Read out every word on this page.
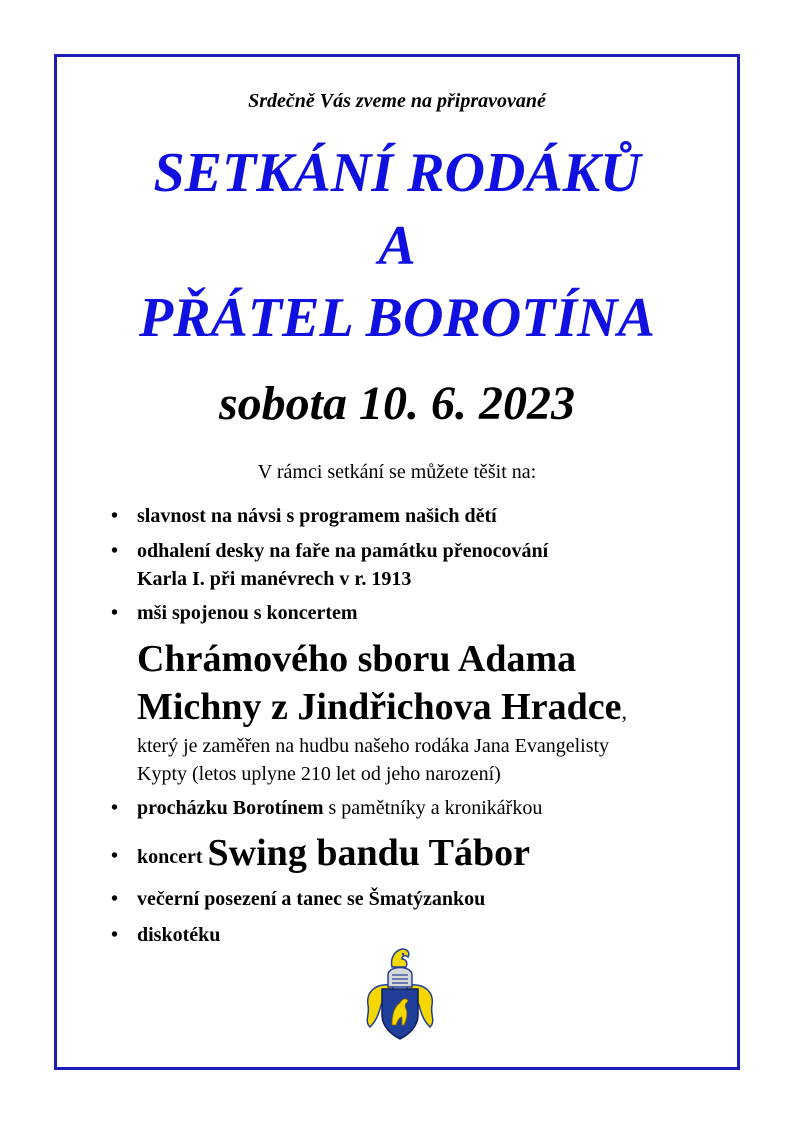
Srdečně Vás zveme na připravované
SETKÁNÍ RODÁKŮ
A
PŘÁTEL BOROTÍNA
sobota 10. 6. 2023
V rámci setkání se můžete těšit na:
• slavnost na návsi s programem našich dětí
• odhalení desky na faře na památku přenocování
Karla I. při manévrech v r. 1913
• mši spojenou s koncertem
Chrámového sboru Adama
Michny z Jindřichova Hradce,
který je zaměřen na hudbu našeho rodáka Jana Evangelisty
Kypty (letos uplyne 210 let od jeho narození)
• procházku Borotínem s pamětníky a kronikářkou
• koncert Swing bandu Tábor
• večerní posezení a tanec se Šmatýzankou
• diskotéku
